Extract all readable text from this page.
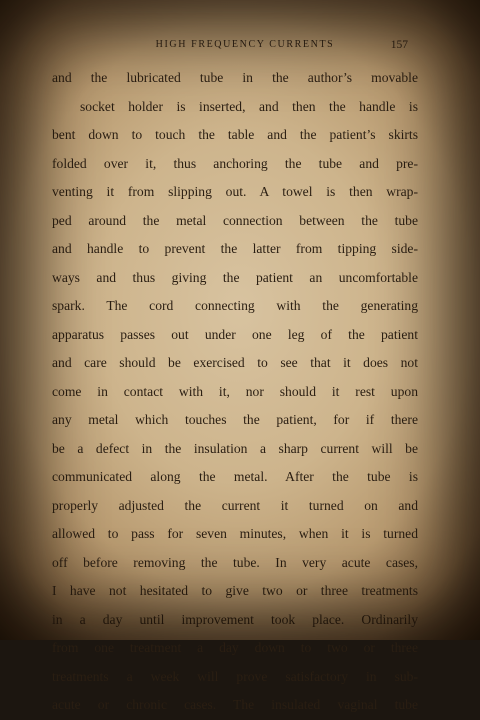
HIGH FREQUENCY CURRENTS	157
and the lubricated tube in the author’s movable
socket holder is inserted, and then the handle is
bent down to touch the table and the patient’s skirts
folded over it, thus anchoring the tube and pre-
venting it from slipping out. A towel is then wrap-
ped around the metal connection between the tube
and handle to prevent the latter from tipping side-
ways and thus giving the patient an uncomfortable
spark. The cord connecting with the generating
apparatus passes out under one leg of the patient
and care should be exercised to see that it does not
come in contact with it, nor should it rest upon
any metal which touches the patient, for if there
be a defect in the insulation a sharp current will be
communicated along the metal. After the tube is
properly adjusted the current it turned on and
allowed to pass for seven minutes, when it is turned
off before removing the tube. In very acute cases,
I have not hesitated to give two or three treatments
in a day until improvement took place. Ordinarily
from one treatment a day down to two or three
treatments a week will prove satisfactory in sub-
acute or chronic cases. The insulated vaginal tube
